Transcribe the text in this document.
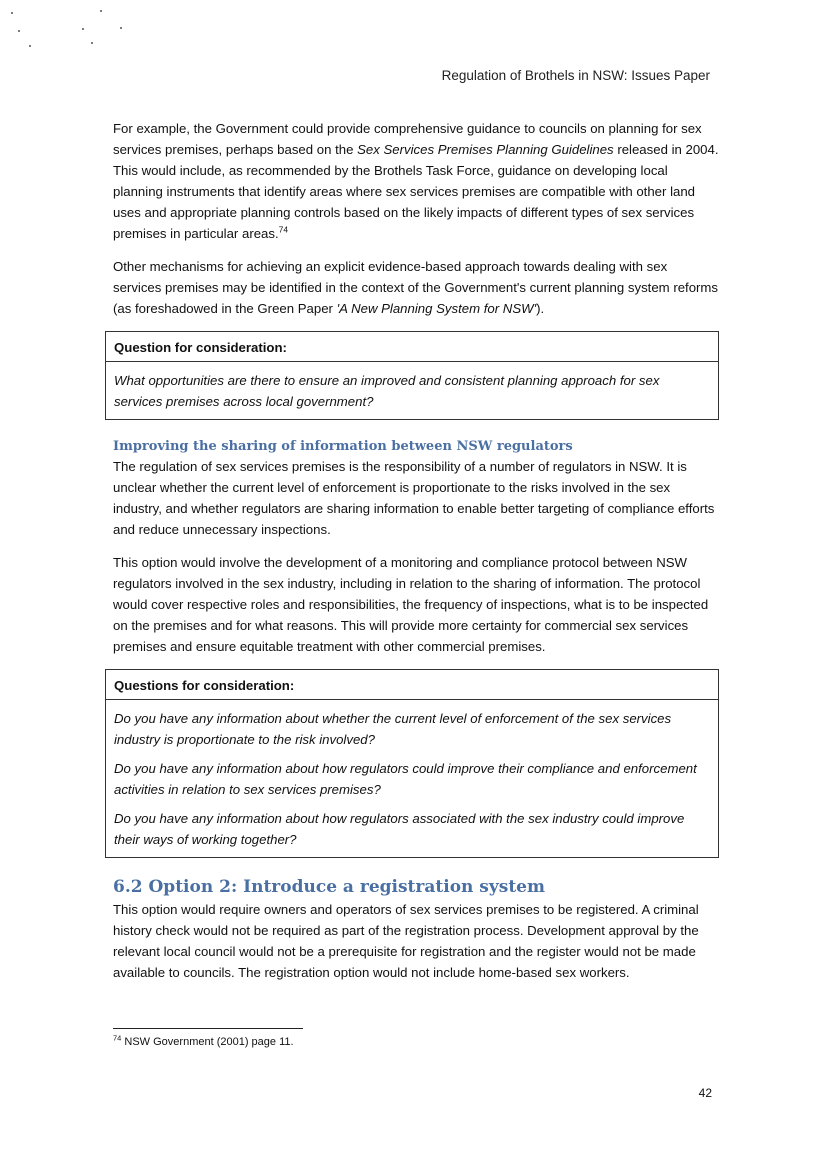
Regulation of Brothels in NSW: Issues Paper

For example, the Government could provide comprehensive guidance to councils on planning for sex services premises, perhaps based on the Sex Services Premises Planning Guidelines released in 2004. This would include, as recommended by the Brothels Task Force, guidance on developing local planning instruments that identify areas where sex services premises are compatible with other land uses and appropriate planning controls based on the likely impacts of different types of sex services premises in particular areas.$^{74}$

Other mechanisms for achieving an explicit evidence-based approach towards dealing with sex services premises may be identified in the context of the Government's current planning system reforms (as foreshadowed in the Green Paper 'A New Planning System for NSW').

Question for consideration:

What opportunities are there to ensure an improved and consistent planning approach for sex services premises across local government?

Improving the sharing of information between NSW regulators

The regulation of sex services premises is the responsibility of a number of regulators in NSW. It is unclear whether the current level of enforcement is proportionate to the risks involved in the sex industry, and whether regulators are sharing information to enable better targeting of compliance efforts and reduce unnecessary inspections.

This option would involve the development of a monitoring and compliance protocol between NSW regulators involved in the sex industry, including in relation to the sharing of information. The protocol would cover respective roles and responsibilities, the frequency of inspections, what is to be inspected on the premises and for what reasons. This will provide more certainty for commercial sex services premises and ensure equitable treatment with other commercial premises.

Questions for consideration:

Do you have any information about whether the current level of enforcement of the sex services industry is proportionate to the risk involved?

Do you have any information about how regulators could improve their compliance and enforcement activities in relation to sex services premises?

Do you have any information about how regulators associated with the sex industry could improve their ways of working together?

6.2 Option 2: Introduce a registration system

This option would require owners and operators of sex services premises to be registered. A criminal history check would not be required as part of the registration process. Development approval by the relevant local council would not be a prerequisite for registration and the register would not be made available to councils. The registration option would not include home-based sex workers.

$^{74}$ NSW Government (2001) page 11.
42
